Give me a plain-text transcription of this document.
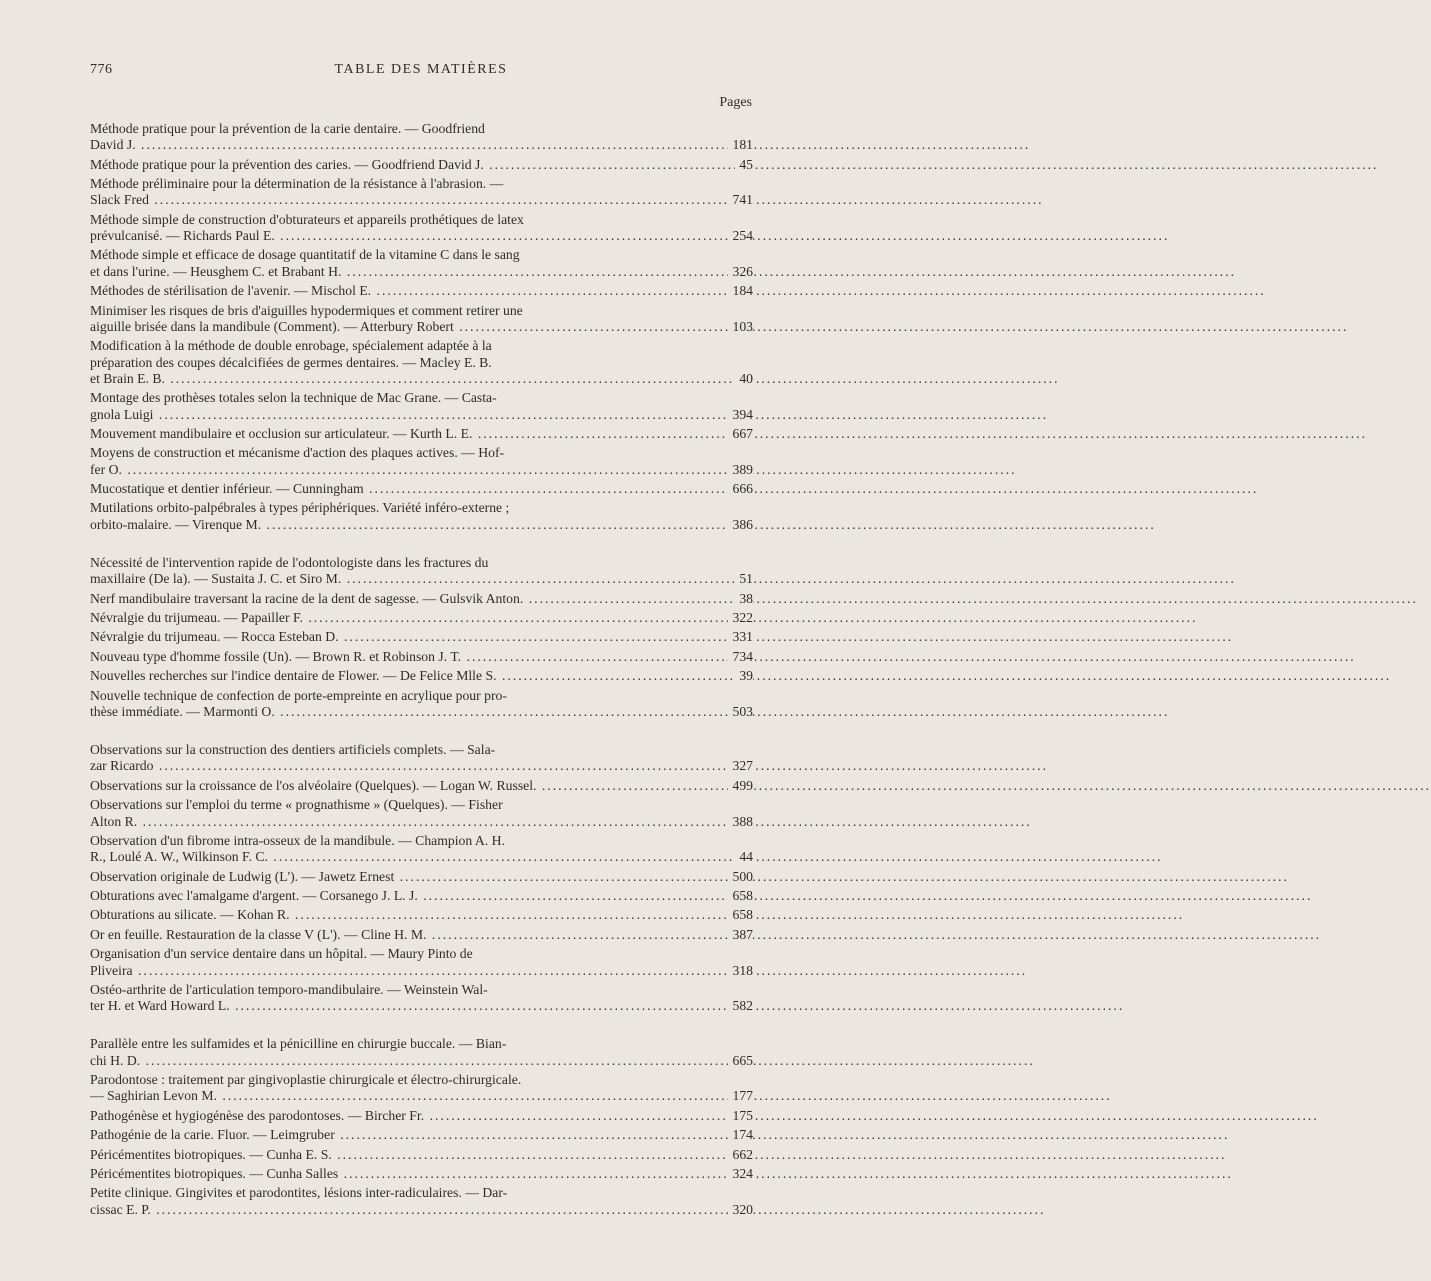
776	TABLE DES MATIÈRES
Pages
Méthode pratique pour la prévention de la carie dentaire. — Goodfriend
David J. .....	181
Méthode pratique pour la prévention des caries. — Goodfriend David J. .....	45
Méthode préliminaire pour la détermination de la résistance à l'abrasion. —
Slack Fred .....	741
Méthode simple de construction d'obturateurs et appareils prothétiques de latex
prévulcanisé. — Richards Paul E. .....	254
Méthode simple et efficace de dosage quantitatif de la vitamine C dans le sang
et dans l'urine. — Heusghem C. et Brabant H. .....	326
Méthodes de stérilisation de l'avenir. — Mischol E. .....	184
Minimiser les risques de bris d'aiguilles hypodermiques et comment retirer une
aiguille brisée dans la mandibule (Comment). — Atterbury Robert .....	103
Modification à la méthode de double enrobage, spécialement adaptée à la
préparation des coupes décalcifiées de germes dentaires. — Macley E. B.
et Brain E. B. .....	40
Montage des prothèses totales selon la technique de Mac Grane. — Casta-
gnola Luigi .....	394
Mouvement mandibulaire et occlusion sur articulateur. — Kurth L. E. .....	667
Moyens de construction et mécanisme d'action des plaques actives. — Hof-
fer O. .....	389
Mucostatique et dentier inférieur. — Cunningham .....	666
Mutilations orbito-palpébrales à types périphériques. Variété inféro-externe ;
orbito-malaire. — Virenque M. .....	386
Nécessité de l'intervention rapide de l'odontologiste dans les fractures du
maxillaire (De la). — Sustaita J. C. et Siro M. .....	51
Nerf mandibulaire traversant la racine de la dent de sagesse. — Gulsvik Anton. .....	38
Névralgie du trijumeau. — Papailler F. .....	322
Névralgie du trijumeau. — Rocca Esteban D. .....	331
Nouveau type d'homme fossile (Un). — Brown R. et Robinson J. T. .....	734
Nouvelles recherches sur l'indice dentaire de Flower. — De Felice Mlle S. .....	39
Nouvelle technique de confection de porte-empreinte en acrylique pour pro-
thèse immédiate. — Marmonti O. .....	503
Observations sur la construction des dentiers artificiels complets. — Sala-
zar Ricardo .....	327
Observations sur la croissance de l'os alvéolaire (Quelques). — Logan W. Russel. .....	499
Observations sur l'emploi du terme « prognathisme » (Quelques). — Fisher
Alton R. .....	388
Observation d'un fibrome intra-osseux de la mandibule. — Champion A. H.
R., Loulé A. W., Wilkinson F. C. .....	44
Observation originale de Ludwig (L'). — Jawetz Ernest .....	500
Obturations avec l'amalgame d'argent. — Corsanego J. L. J. .....	658
Obturations au silicate. — Kohan R. .....	658
Or en feuille. Restauration de la classe V (L'). — Cline H. M. .....	387
Organisation d'un service dentaire dans un hôpital. — Maury Pinto de
Pliveira .....	318
Ostéo-arthrite de l'articulation temporo-mandibulaire. — Weinstein Wal-
ter H. et Ward Howard L. .....	582
Parallèle entre les sulfamides et la pénicilline en chirurgie buccale. — Bian-
chi H. D. .....	665
Parodontose : traitement par gingivoplastie chirurgicale et électro-chirurgicale.
— Saghirian Levon M. .....	177
Pathogénèse et hygiogénèse des parodontoses. — Bircher Fr. .....	175
Pathogénie de la carie. Fluor. — Leimgruber .....	174
Péricémentites biotropiques. — Cunha E. S. .....	662
Péricémentites biotropiques. — Cunha Salles .....	324
Petite clinique. Gingivites et parodontites, lésions inter-radiculaires. — Dar-
cissac E. P. .....	320
